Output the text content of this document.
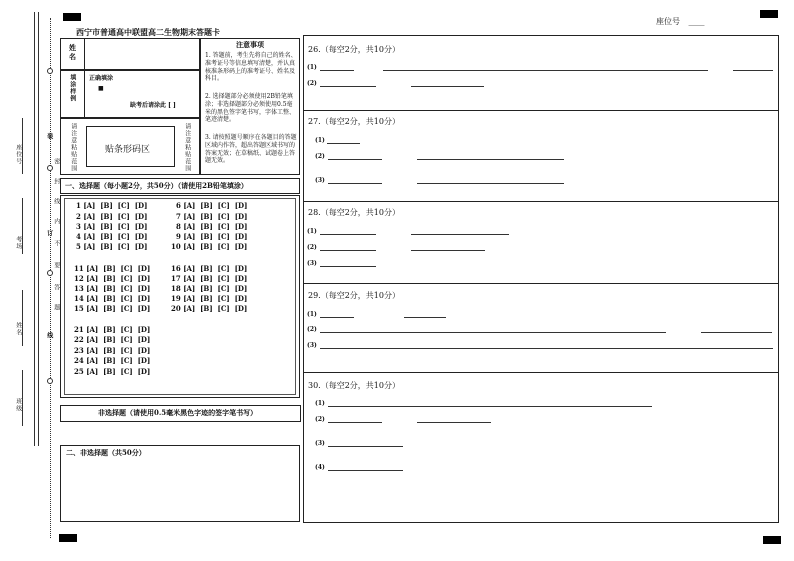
西宁市普通高中联盟高二生物期末答题卡
座位号 ____
装
订
线
密
封
线
内
不
要
答
题
座位号
考场
姓名
班级
姓
名
填涂样例 正确填涂
■
缺考后请涂此 [ ]
注意事项
1. 答题前，考生先将自己的姓名、准考证号等信息填写清楚，并认真核准条形码上的准考证号、姓名及科目。
2. 选择题部分必须使用2B铅笔填涂；非选择题部分必须使用0.5毫米的黑色签字笔书写，字体工整、笔迹清楚。
3. 请按照题号顺序在各题目的答题区域内作答，超出答题区域书写的答案无效；在草稿纸、试题卷上答题无效。
请注意粘贴范围	贴条形码区	请注意粘贴范围
一、选择题（每小题2分，共50分）（请使用2B铅笔填涂）
1 [A]  [B]  [C]  [D]
2 [A]  [B]  [C]  [D]
3 [A]  [B]  [C]  [D]
4 [A]  [B]  [C]  [D]
5 [A]  [B]  [C]  [D]
6 [A]  [B]  [C]  [D]
7 [A]  [B]  [C]  [D]
8 [A]  [B]  [C]  [D]
9 [A]  [B]  [C]  [D]
10 [A]  [B]  [C]  [D]
11 [A]  [B]  [C]  [D]
12 [A]  [B]  [C]  [D]
13 [A]  [B]  [C]  [D]
14 [A]  [B]  [C]  [D]
15 [A]  [B]  [C]  [D]
16 [A]  [B]  [C]  [D]
17 [A]  [B]  [C]  [D]
18 [A]  [B]  [C]  [D]
19 [A]  [B]  [C]  [D]
20 [A]  [B]  [C]  [D]
21 [A]  [B]  [C]  [D]
22 [A]  [B]  [C]  [D]
23 [A]  [B]  [C]  [D]
24 [A]  [B]  [C]  [D]
25 [A]  [B]  [C]  [D]
非选择题（请使用0.5毫米黑色字迹的签字笔书写）
二、非选择题（共50分）
26.（每空2分，共10分）
(1)
(2)
27.（每空2分，共10分）
(1)
(2)
(3)
28.（每空2分，共10分）
(1)
(2)
(3)
29.（每空2分，共10分）
(1)
(2)
(3)
30.（每空2分，共10分）
(1)
(2)
(3)
(4)
